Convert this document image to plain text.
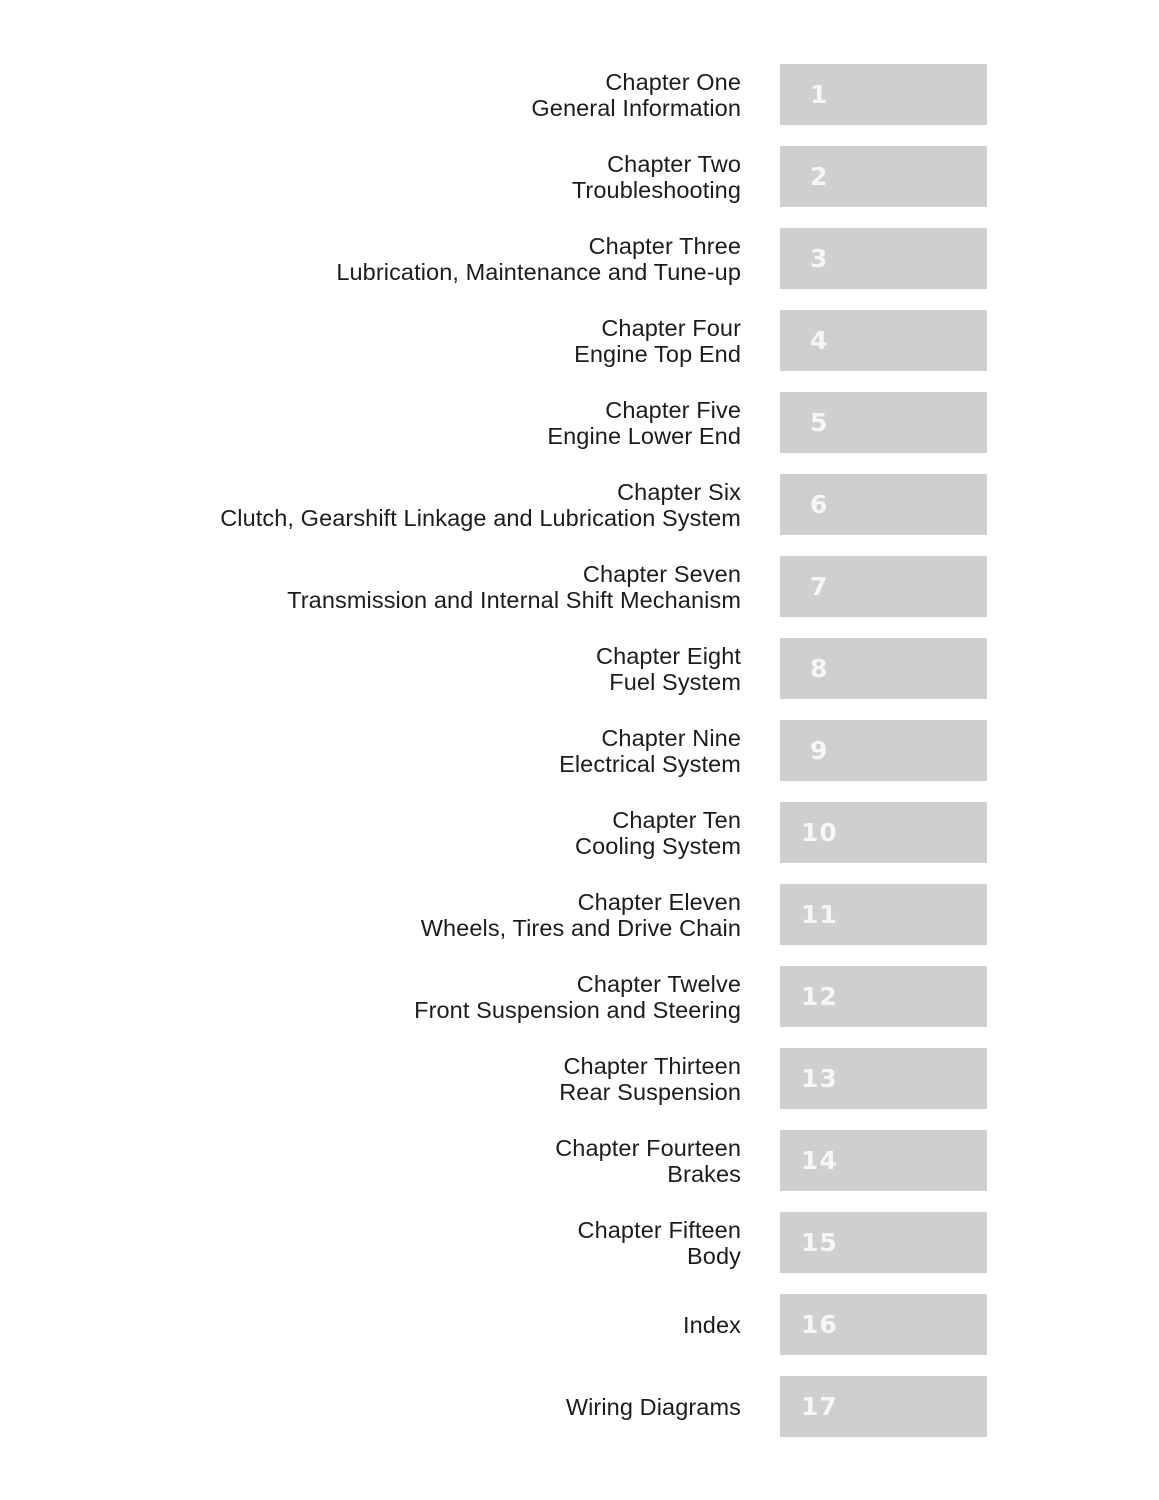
Chapter One
General Information	1
Chapter Two
Troubleshooting	2
Chapter Three
Lubrication, Maintenance and Tune-up	3
Chapter Four
Engine Top End	4
Chapter Five
Engine Lower End	5
Chapter Six
Clutch, Gearshift Linkage and Lubrication System	6
Chapter Seven
Transmission and Internal Shift Mechanism	7
Chapter Eight
Fuel System	8
Chapter Nine
Electrical System	9
Chapter Ten
Cooling System 10
Chapter Eleven
Wheels, Tires and Drive Chain 11
Chapter Twelve
Front Suspension and Steering 12
Chapter Thirteen
Rear Suspension 13
Chapter Fourteen
Brakes 14
Chapter Fifteen
Body 15
Index 16
Wiring Diagrams 17
